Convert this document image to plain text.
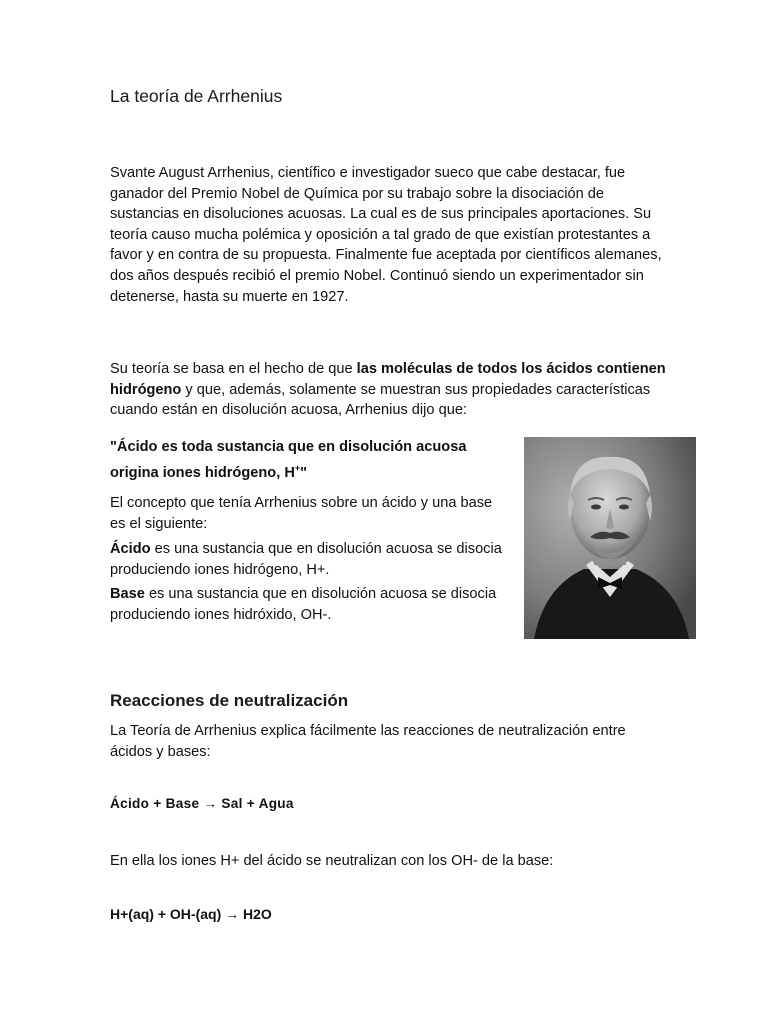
La teoría de Arrhenius
Svante August Arrhenius, científico e investigador sueco que cabe destacar, fue ganador del Premio Nobel de Química por su trabajo sobre la disociación de sustancias en disoluciones acuosas. La cual es de sus principales aportaciones. Su teoría causo mucha polémica y oposición a tal grado de que existían protestantes a favor y en contra de su propuesta. Finalmente fue aceptada por científicos alemanes, dos años después recibió el premio Nobel. Continuó siendo un experimentador sin detenerse, hasta su muerte en 1927.
Su teoría se basa en el hecho de que las moléculas de todos los ácidos contienen hidrógeno y que, además, solamente se muestran sus propiedades características cuando están en disolución acuosa, Arrhenius dijo que:
"Ácido es toda sustancia que en disolución acuosa origina iones hidrógeno, H+"
El concepto que tenía Arrhenius sobre un ácido y una base es el siguiente:
Ácido es una sustancia que en disolución acuosa se disocia produciendo iones hidrógeno, H+.
Base es una sustancia que en disolución acuosa se disocia produciendo iones hidróxido, OH-.
Reacciones de neutralización
La Teoría de Arrhenius explica fácilmente las reacciones de neutralización entre ácidos y bases:
Ácido + Base → Sal + Agua
En ella los iones H+ del ácido se neutralizan con los OH- de la base:
H+(aq) + OH-(aq) → H2O
